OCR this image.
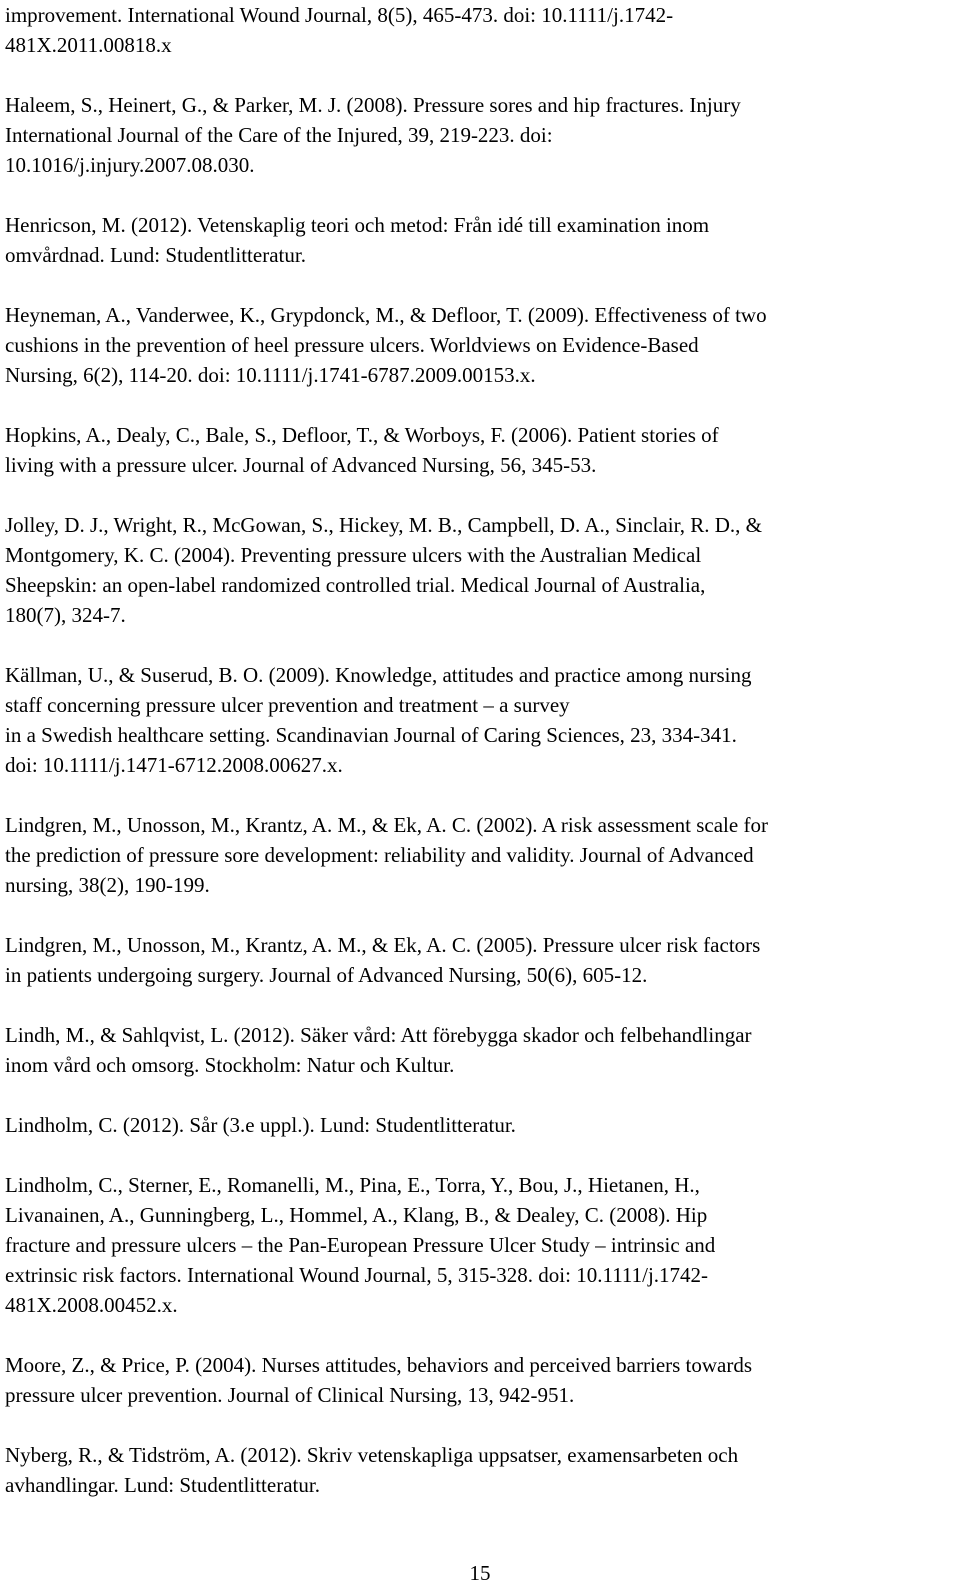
improvement. International Wound Journal, 8(5), 465-473. doi: 10.1111/j.1742-
481X.2011.00818.x
Haleem, S., Heinert, G., & Parker, M. J. (2008). Pressure sores and hip fractures. Injury
International Journal of the Care of the Injured, 39, 219-223. doi:
10.1016/j.injury.2007.08.030.
Henricson, M. (2012). Vetenskaplig teori och metod: Från idé till examination inom
omvårdnad. Lund: Studentlitteratur.
Heyneman, A., Vanderwee, K., Grypdonck, M., & Defloor, T. (2009). Effectiveness of two
cushions in the prevention of heel pressure ulcers. Worldviews on Evidence-Based
Nursing, 6(2), 114-20. doi: 10.1111/j.1741-6787.2009.00153.x.
Hopkins, A., Dealy, C., Bale, S., Defloor, T., & Worboys, F. (2006). Patient stories of
living with a pressure ulcer. Journal of Advanced Nursing, 56, 345-53.
Jolley, D. J., Wright, R., McGowan, S., Hickey, M. B., Campbell, D. A., Sinclair, R. D., &
Montgomery, K. C. (2004). Preventing pressure ulcers with the Australian Medical
Sheepskin: an open-label randomized controlled trial. Medical Journal of Australia,
180(7), 324-7.
Källman, U., & Suserud, B. O. (2009). Knowledge, attitudes and practice among nursing
staff concerning pressure ulcer prevention and treatment – a survey
in a Swedish healthcare setting. Scandinavian Journal of Caring Sciences, 23, 334-341.
doi: 10.1111/j.1471-6712.2008.00627.x.
Lindgren, M., Unosson, M., Krantz, A. M., & Ek, A. C. (2002). A risk assessment scale for
the prediction of pressure sore development: reliability and validity. Journal of Advanced
nursing, 38(2), 190-199.
Lindgren, M., Unosson, M., Krantz, A. M., & Ek, A. C. (2005). Pressure ulcer risk factors
in patients undergoing surgery. Journal of Advanced Nursing, 50(6), 605-12.
Lindh, M., & Sahlqvist, L. (2012). Säker vård: Att förebygga skador och felbehandlingar
inom vård och omsorg. Stockholm: Natur och Kultur.
Lindholm, C. (2012). Sår (3.e uppl.). Lund: Studentlitteratur.
Lindholm, C., Sterner, E., Romanelli, M., Pina, E., Torra, Y., Bou, J., Hietanen, H.,
Livanainen, A., Gunningberg, L., Hommel, A., Klang, B., & Dealey, C. (2008). Hip
fracture and pressure ulcers – the Pan-European Pressure Ulcer Study – intrinsic and
extrinsic risk factors. International Wound Journal, 5, 315-328. doi: 10.1111/j.1742-
481X.2008.00452.x.
Moore, Z., & Price, P. (2004). Nurses attitudes, behaviors and perceived barriers towards
pressure ulcer prevention. Journal of Clinical Nursing, 13, 942-951.
Nyberg, R., & Tidström, A. (2012). Skriv vetenskapliga uppsatser, examensarbeten och
avhandlingar. Lund: Studentlitteratur.
15
